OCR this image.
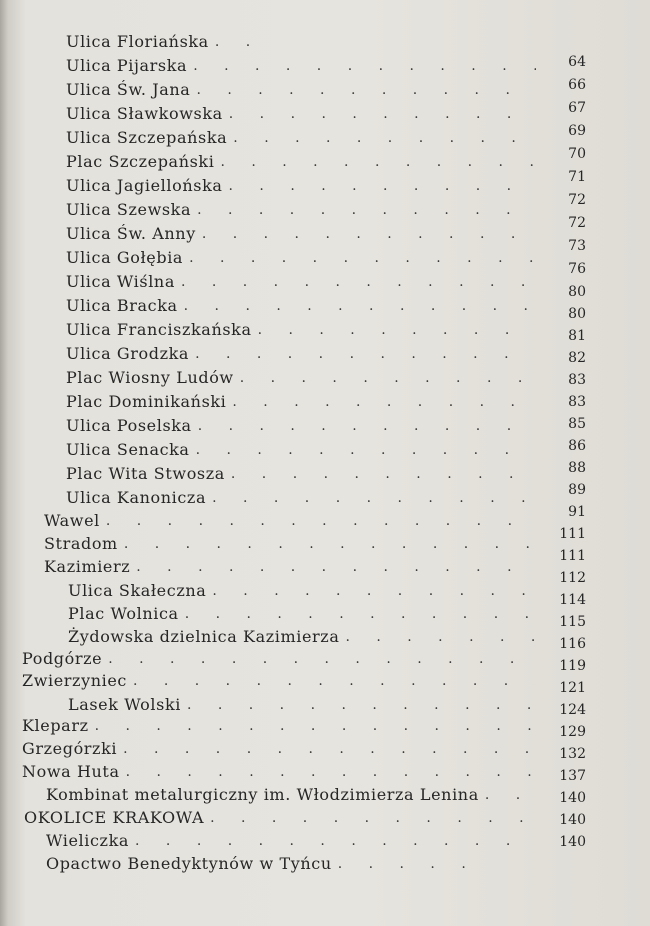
Ulica Floriańska
. . .
Ulica Pijarska
. . .
Ulica Św. Jana
. . .
Ulica Sławkowska
. . .
Ulica Szczepańska
. . .
Plac Szczepański
. . .
Ulica Jagiellońska
. . .
Ulica Szewska
. . .
Ulica Św. Anny
. . .
Ulica Gołębia
. . .
Ulica Wiślna
. . .
Ulica Bracka
. . .
Ulica Franciszkańska
. . .
Ulica Grodzka
. . .
Plac Wiosny Ludów
. . .
Plac Dominikański
. . .
Ulica Poselska
. . .
Ulica Senacka
. . .
Plac Wita Stwosza
. . .
Ulica Kanonicza
. . .
Wawel
. . .
Stradom
. . .
Kazimierz
. . .
Ulica Skałeczna
. . .
Plac Wolnica
. . .
Żydowska dzielnica Kazimierza
. . .
Podgórze
. . .
Zwierzyniec
. . .
Lasek Wolski
. . .
Kleparz
. . .
Grzegórzki
. . .
Nowa Huta
. . .
Kombinat metalurgiczny im. Włodzimierza Lenina
. . .
OKOLICE KRAKOWA
. . .
Wieliczka
. . .
Opactwo Benedyktynów w Tyńcu
. . .
64
66
67
69
70
71
72
72
73
76
80
80
81
82
83
83
85
86
88
89
91
111
111
112
114
115
116
119
121
124
129
132
137
140
140
140
